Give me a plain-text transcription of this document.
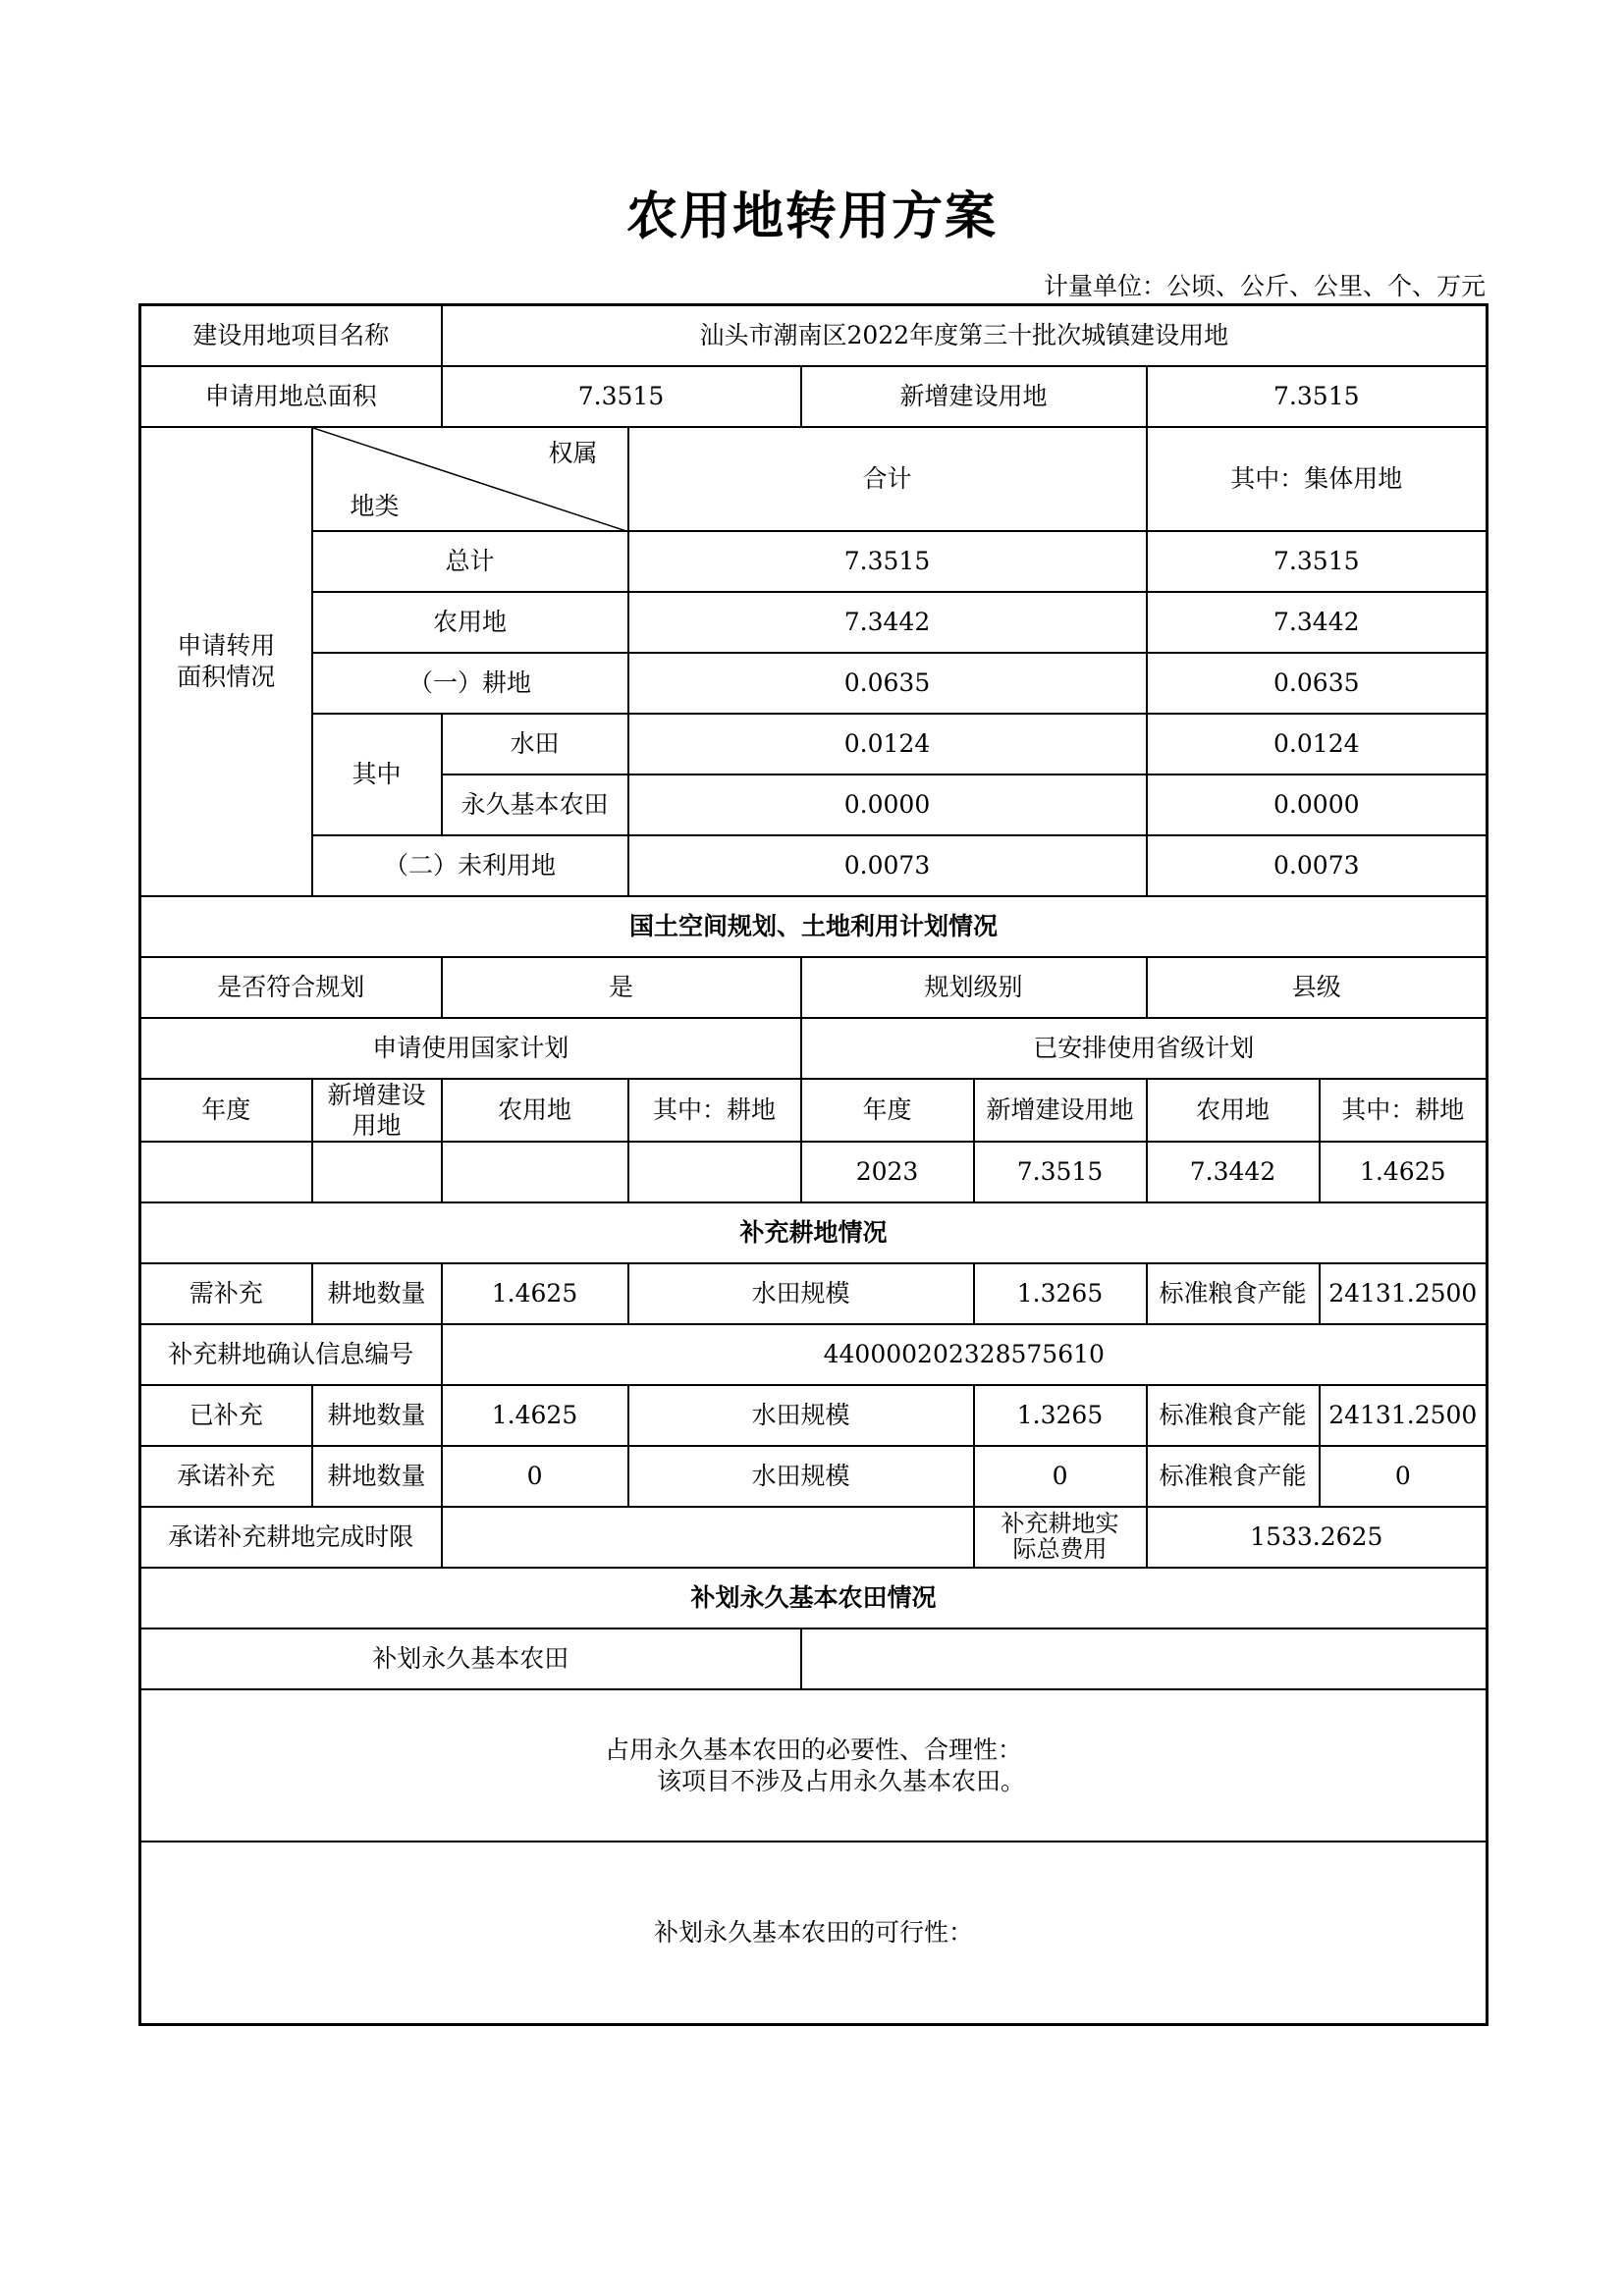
农用地转用方案
计量单位：公顷、公斤、公里、个、万元
建设用地项目名称		汕头市潮南区2022年度第三十批次城镇建设用地					
申请用地总面积		7.3515		新增建设用地		7.3515	
申请转用面积情况	权属
地类		合计			其中：集体用地	
	总计		7.3515			7.3515	
	农用地		7.3442			7.3442	
	（一）耕地		0.0635			0.0635	
	其中	水田	0.0124			0.0124	
		永久基本农田	0.0000			0.0000	
	（二）未利用地		0.0073			0.0073	

国土空间规划、土地利用计划情况							
是否符合规划		是		规划级别		县级	
申请使用国家计划				已安排使用省级计划			
年度	新增建设用地	农用地	其中：耕地	年度	新增建设用地	农用地	其中：耕地
				2023	7.3515	7.3442	1.4625
补充耕地情况							
需补充	耕地数量	1.4625	水田规模		1.3265	标准粮食产能	24131.2500
补充耕地确认信息编号		440000202328575610					
已补充	耕地数量	1.4625	水田规模		1.3265	标准粮食产能	24131.2500
承诺补充	耕地数量	0	水田规模		0	标准粮食产能	0
承诺补充耕地完成时限					补充耕地实际总费用	1533.2625	
补划永久基本农田情况							
补划永久基本农田							
占用永久基本农田的必要性、合理性：
该项目不涉及占用永久基本农田。							

补划永久基本农田的可行性：							
